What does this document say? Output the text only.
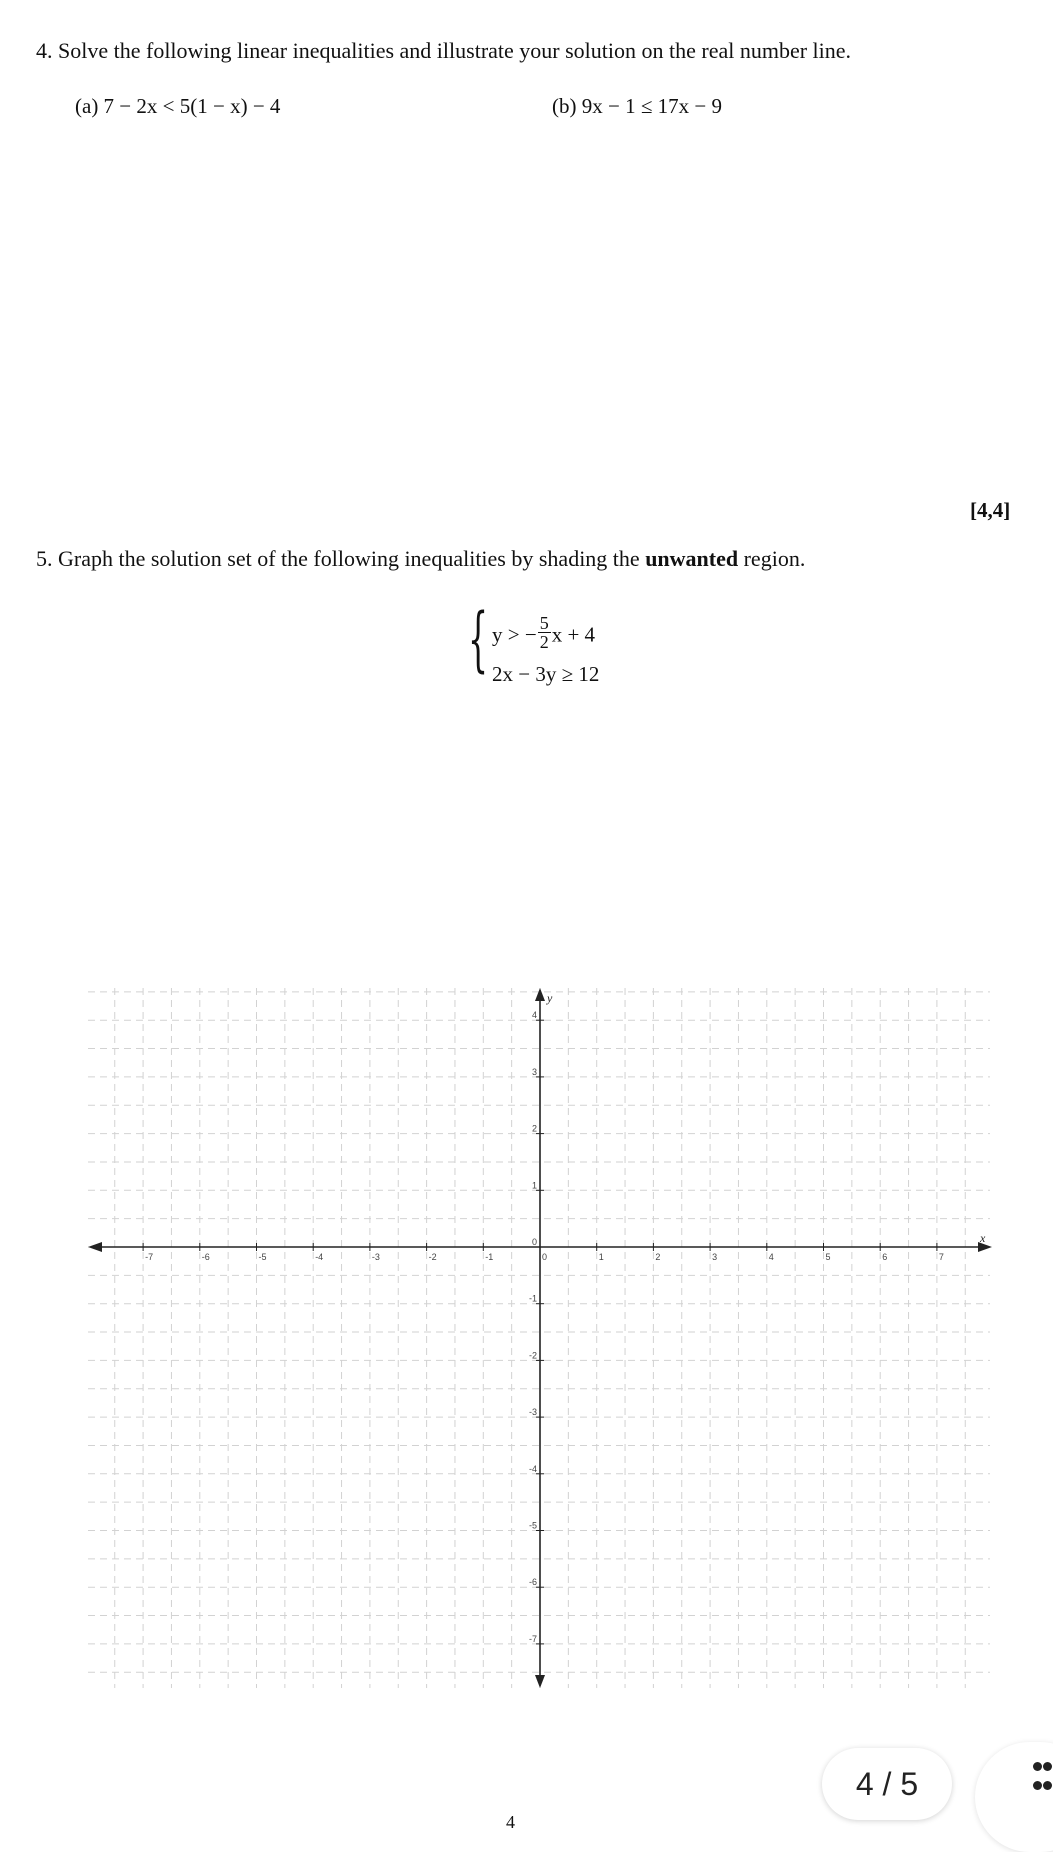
4. Solve the following linear inequalities and illustrate your solution on the real number line.
(a) 7 − 2x < 5(1 − x) − 4	(b) 9x − 1 ≤ 17x − 9
[4,4]
5. Graph the solution set of the following inequalities by shading the unwanted region.
{ y > − $\frac{5}{2}$ x + 4
2x − 3y ≥ 12
-7	-6	-5	-4	-3	-2	-1	0	1	2	3	4	5	6	7
4
3
2
1
0
-1
-2
-3
-4
-5
-6
-7
x
y
4 / 5
4
